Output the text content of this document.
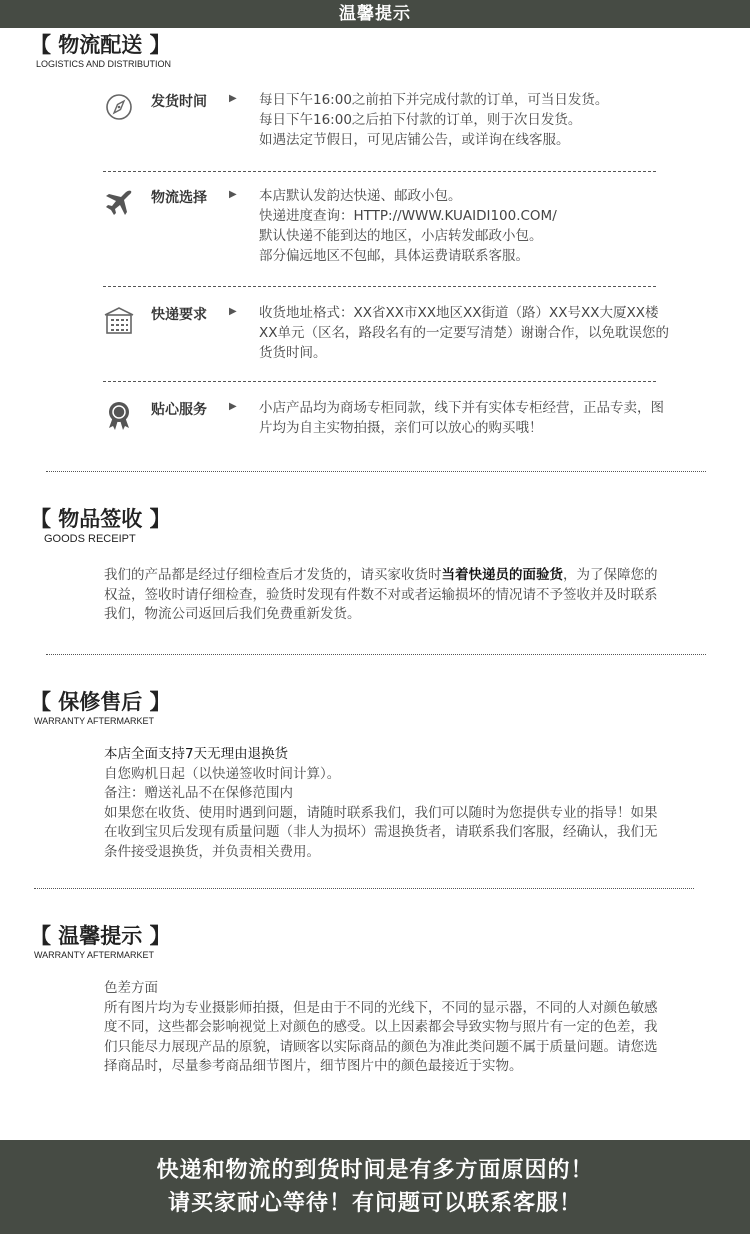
温馨提示
【 物流配送 】
LOGISTICS AND DISTRIBUTION
发货时间 ▶ 每日下午16:00之前拍下并完成付款的订单，可当日发货。
每日下午16:00之后拍下付款的订单，则于次日发货。
如遇法定节假日，可见店铺公告，或详询在线客服。
物流选择 ▶ 本店默认发韵达快递、邮政小包。
快递进度查询：HTTP://WWW.KUAIDI100.COM/
默认快递不能到达的地区，小店转发邮政小包。
部分偏远地区不包邮，具体运费请联系客服。
快递要求 ▶ 收货地址格式：XX省XX市XX地区XX街道（路）XX号XX大厦XX楼XX单元（区名，路段名有的一定要写清楚）谢谢合作，以免耽误您的货货时间。
贴心服务 ▶ 小店产品均为商场专柜同款，线下并有实体专柜经营，正品专卖，图片均为自主实物拍摄，亲们可以放心的购买哦！
【 物品签收 】
GOODS RECEIPT
我们的产品都是经过仔细检查后才发货的，请买家收货时当着快递员的面验货，为了保障您的权益，签收时请仔细检查，验货时发现有件数不对或者运输损坏的情况请不予签收并及时联系我们，物流公司返回后我们免费重新发货。
【 保修售后 】
WARRANTY AFTERMARKET
本店全面支持7天无理由退换货
自您购机日起（以快递签收时间计算）。
备注：赠送礼品不在保修范围内
如果您在收货、使用时遇到问题，请随时联系我们，我们可以随时为您提供专业的指导！如果在收到宝贝后发现有质量问题（非人为损坏）需退换货者，请联系我们客服，经确认，我们无条件接受退换货，并负责相关费用。
【 温馨提示 】
WARRANTY AFTERMARKET
色差方面
所有图片均为专业摄影师拍摄，但是由于不同的光线下，不同的显示器，不同的人对颜色敏感度不同，这些都会影响视觉上对颜色的感受。以上因素都会导致实物与照片有一定的色差，我们只能尽力展现产品的原貌，请顾客以实际商品的颜色为准此类问题不属于质量问题。请您选择商品时，尽量参考商品细节图片，细节图片中的颜色最接近于实物。
快递和物流的到货时间是有多方面原因的！
请买家耐心等待！有问题可以联系客服！
